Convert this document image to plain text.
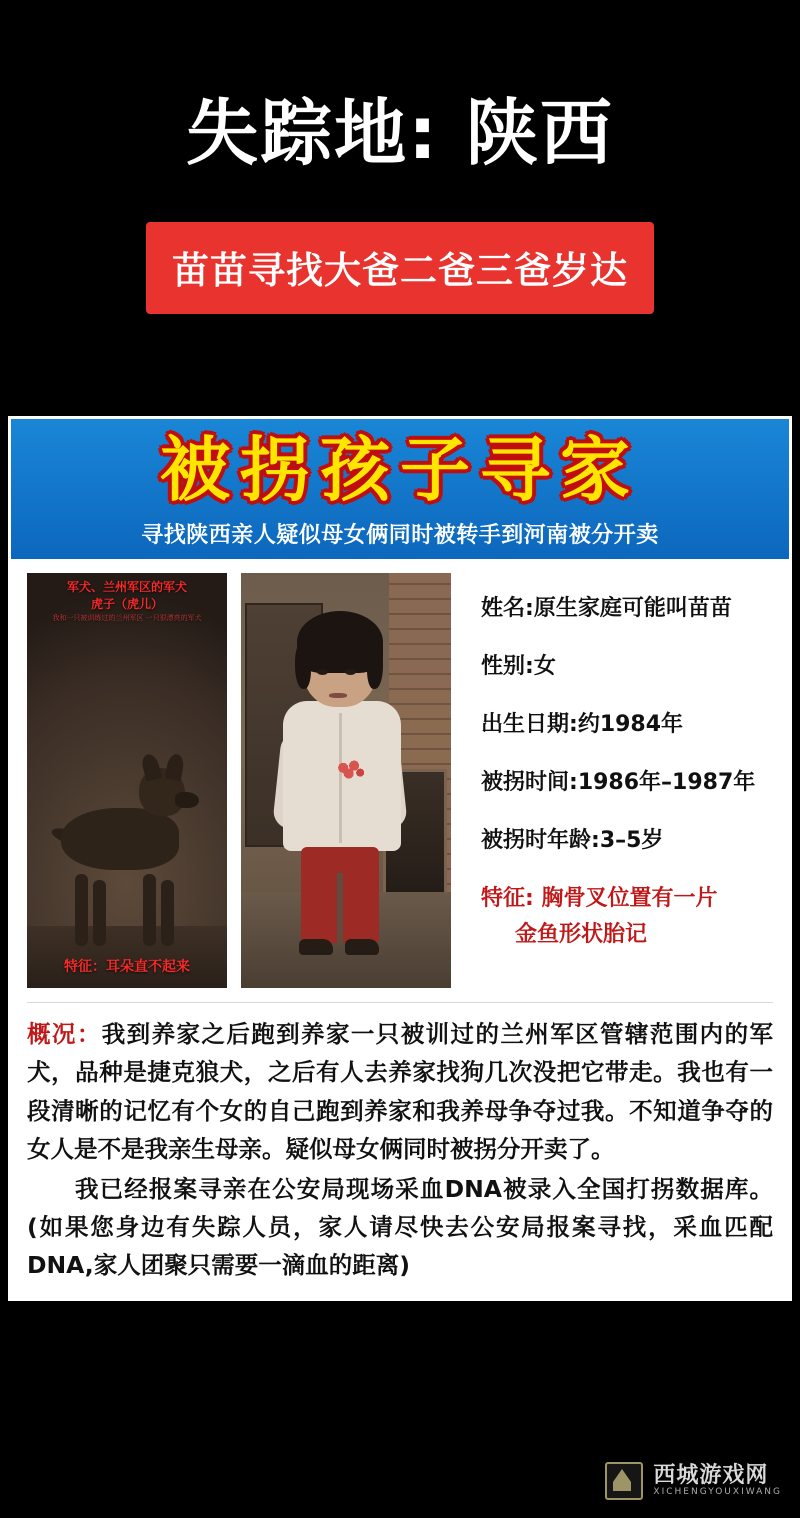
失踪地: 陕西
苗苗寻找大爸二爸三爸岁达
被拐孩子寻家
寻找陕西亲人疑似母女俩同时被转手到河南被分开卖
军犬、兰州军区的军犬
虎子（虎儿）
我和一只被训练过的兰州军区 一只很漂亮的军犬
特征：耳朵直不起来
姓名:原生家庭可能叫苗苗
性别:女
出生日期:约1984年
被拐时间:1986年–1987年
被拐时年龄:3–5岁
特征: 胸骨叉位置有一片
金鱼形状胎记

概况：我到养家之后跑到养家一只被训过的兰州军区管辖范围内的军犬，品种是捷克狼犬，之后有人去养家找狗几次没把它带走。我也有一段清晰的记忆有个女的自己跑到养家和我养母争夺过我。不知道争夺的女人是不是我亲生母亲。疑似母女俩同时被拐分开卖了。

我已经报案寻亲在公安局现场采血DNA被录入全国打拐数据库。(如果您身边有失踪人员，家人请尽快去公安局报案寻找，采血匹配DNA,家人团聚只需要一滴血的距离)

西城游戏网
XICHENGYOUXIWANG
